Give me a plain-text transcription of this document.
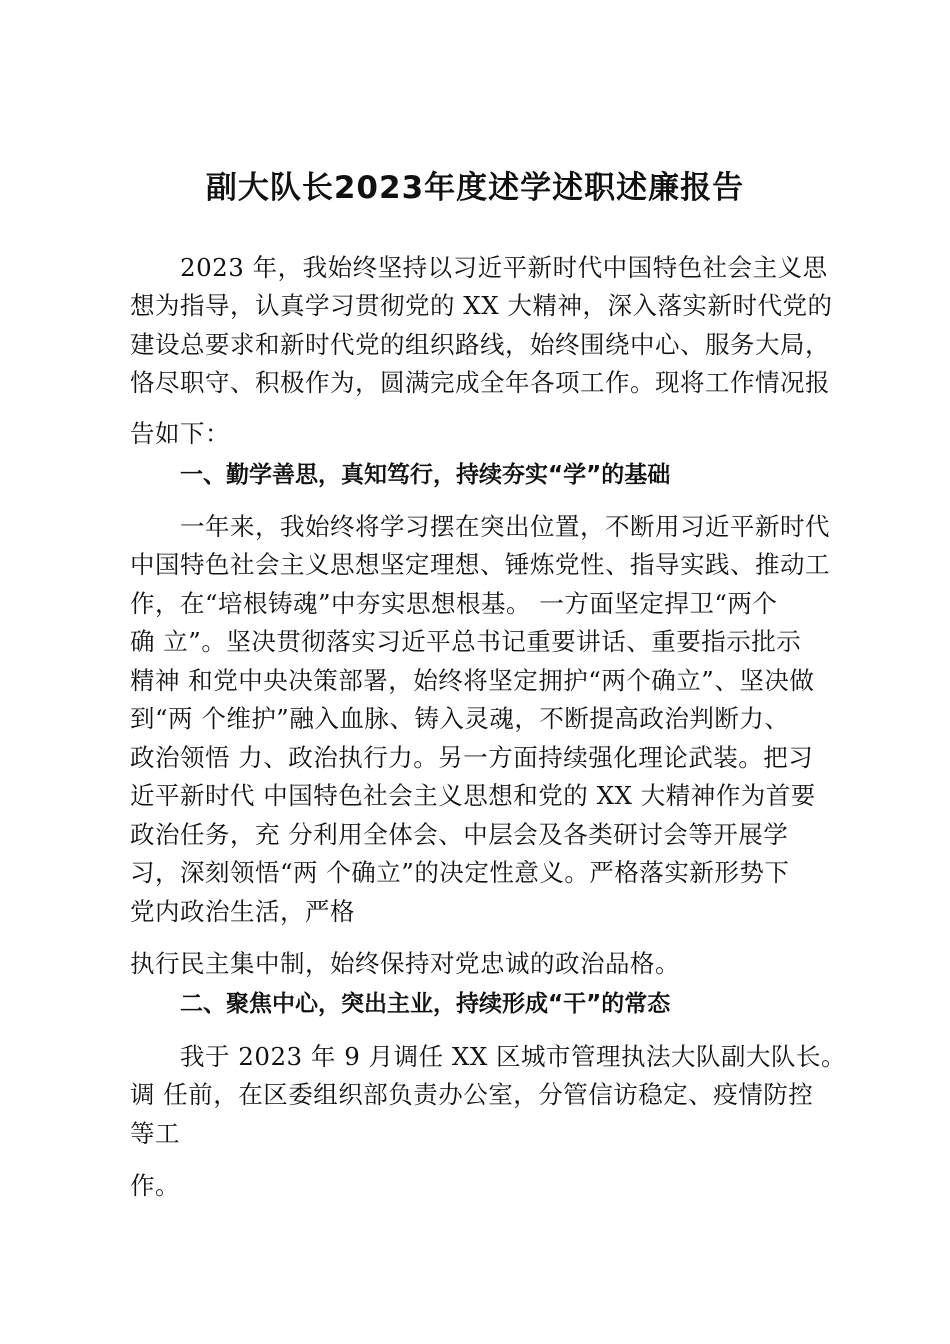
副大队长2023年度述学述职述廉报告
2023 年，我始终坚持以习近平新时代中国特色社会主义思
想为指导，认真学习贯彻党的 XX 大精神，深入落实新时代党的
建设总要求和新时代党的组织路线，始终围绕中心、服务大局，
恪尽职守、积极作为，圆满完成全年各项工作。现将工作情况报
告如下：
一、勤学善思，真知笃行，持续夯实“学”的基础
一年来，我始终将学习摆在突出位置，不断用习近平新时代
中国特色社会主义思想坚定理想、锤炼党性、指导实践、推动工
作，在“培根铸魂”中夯实思想根基。 一方面坚定捍卫“两个
确 立”。坚决贯彻落实习近平总书记重要讲话、重要指示批示
精神 和党中央决策部署，始终将坚定拥护“两个确立”、坚决做
到“两 个维护”融入血脉、铸入灵魂，不断提高政治判断力、
政治领悟 力、政治执行力。另一方面持续强化理论武装。把习
近平新时代 中国特色社会主义思想和党的 XX 大精神作为首要
政治任务，充 分利用全体会、中层会及各类研讨会等开展学
习，深刻领悟“两 个确立”的决定性意义。严格落实新形势下
党内政治生活，严格
执行民主集中制，始终保持对党忠诚的政治品格。
二、聚焦中心，突出主业，持续形成“干”的常态
我于 2023 年 9 月调任 XX 区城市管理执法大队副大队长。
调 任前，在区委组织部负责办公室，分管信访稳定、疫情防控
等工
作。
